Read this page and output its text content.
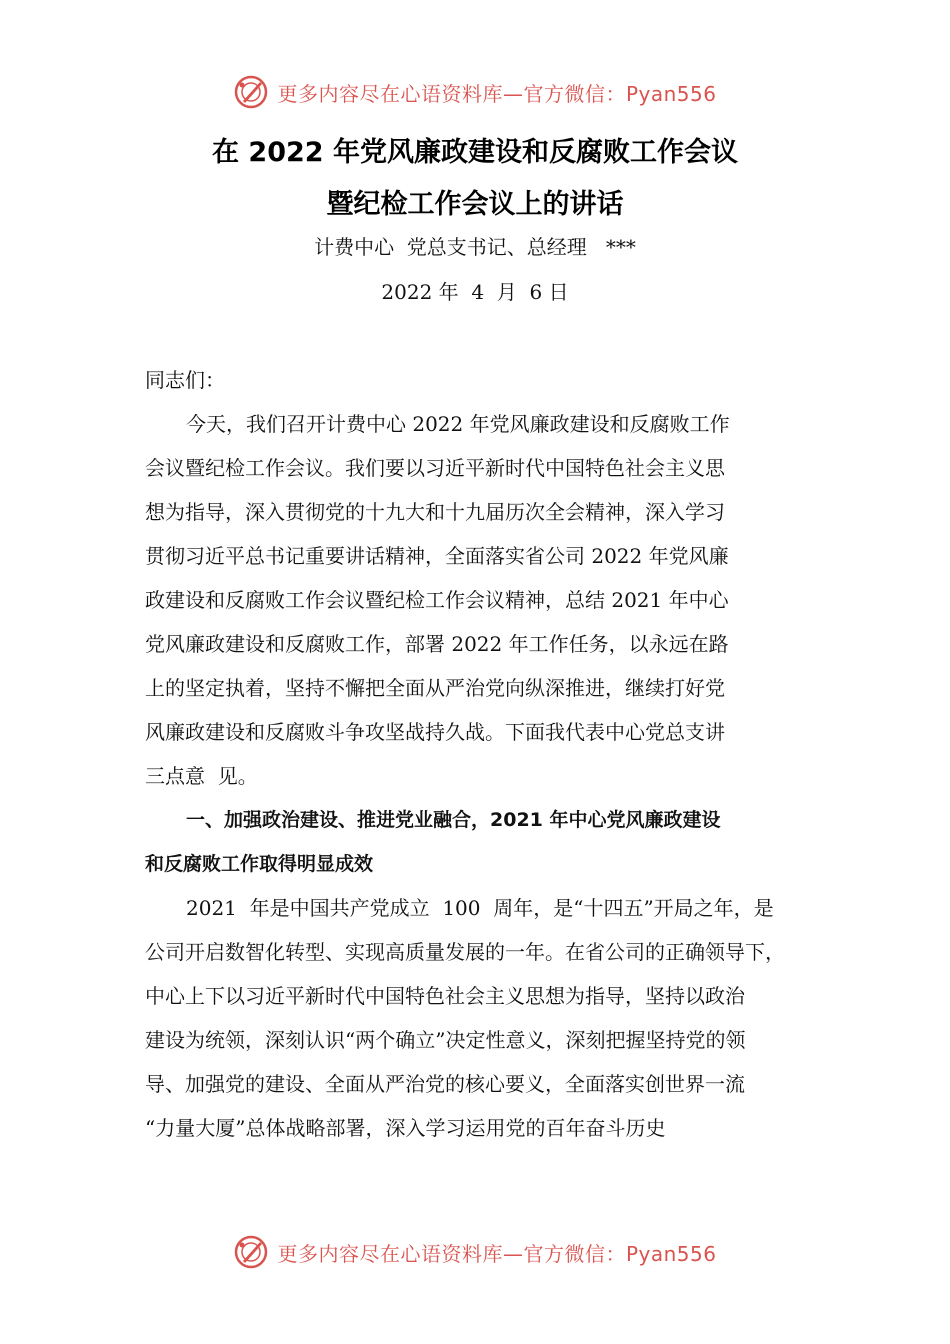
更多内容尽在心语资料库—官方微信：Pyan556
在 2022 年党风廉政建设和反腐败工作会议
暨纪检工作会议上的讲话
计费中心  党总支书记、总经理   ***
2022 年  4  月  6 日
同志们：
今天，我们召开计费中心 2022 年党风廉政建设和反腐败工作
会议暨纪检工作会议。我们要以习近平新时代中国特色社会主义思
想为指导，深入贯彻党的十九大和十九届历次全会精神，深入学习
贯彻习近平总书记重要讲话精神，全面落实省公司 2022 年党风廉
政建设和反腐败工作会议暨纪检工作会议精神，总结 2021 年中心
党风廉政建设和反腐败工作，部署 2022 年工作任务，以永远在路
上的坚定执着，坚持不懈把全面从严治党向纵深推进，继续打好党
风廉政建设和反腐败斗争攻坚战持久战。下面我代表中心党总支讲
三点意  见。
一、加强政治建设、推进党业融合，2021 年中心党风廉政建设
和反腐败工作取得明显成效
2021  年是中国共产党成立  100  周年，是“十四五”开局之年，是
公司开启数智化转型、实现高质量发展的一年。在省公司的正确领导下，
中心上下以习近平新时代中国特色社会主义思想为指导，坚持以政治
建设为统领，深刻认识“两个确立”决定性意义，深刻把握坚持党的领
导、加强党的建设、全面从严治党的核心要义，全面落实创世界一流
“力量大厦”总体战略部署，深入学习运用党的百年奋斗历史
更多内容尽在心语资料库—官方微信：Pyan556
